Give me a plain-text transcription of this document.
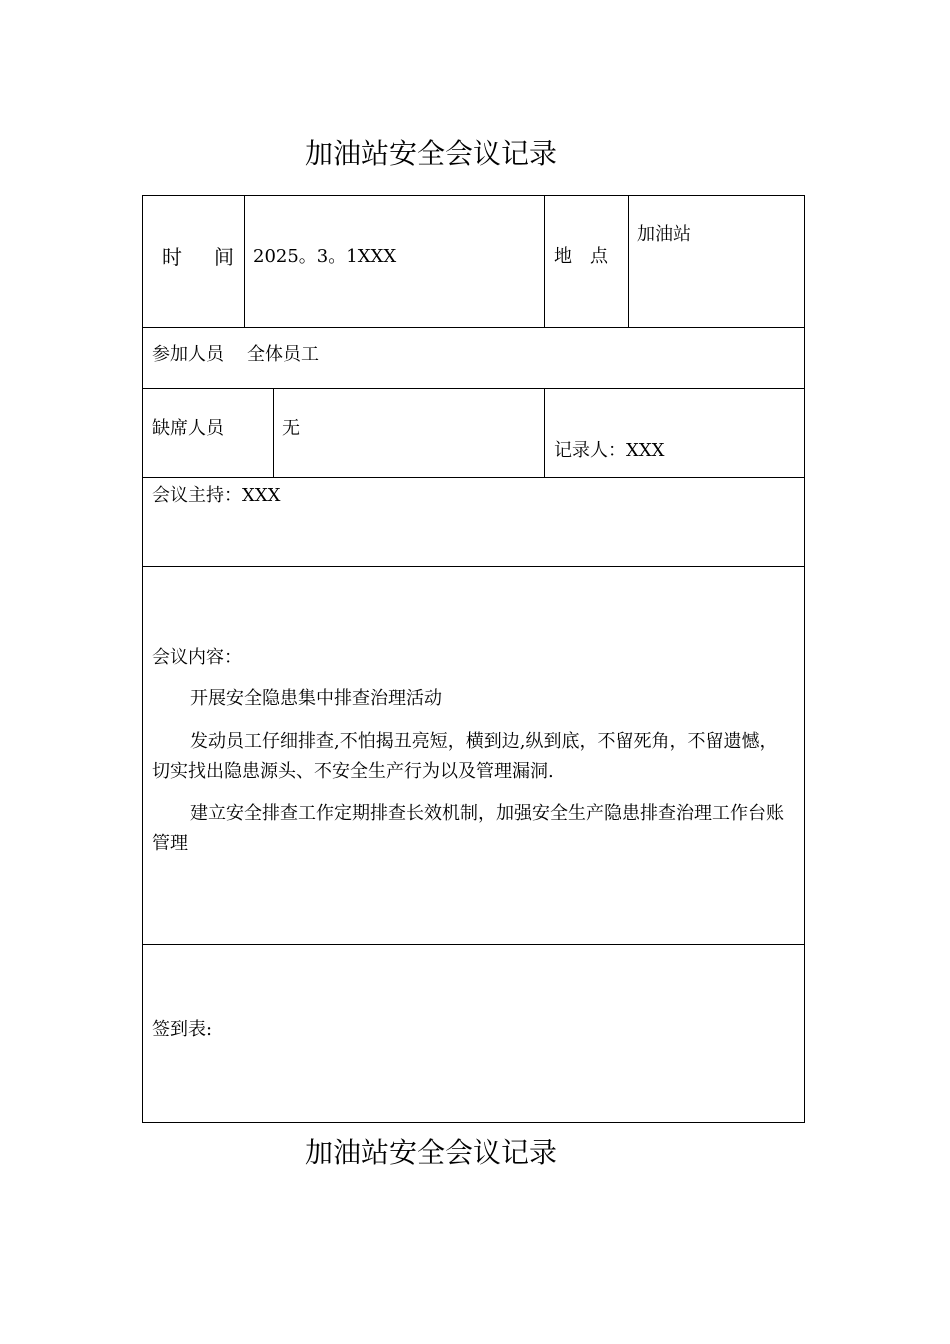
加油站安全会议记录
时　间 2025。3。1XXX	地　点
加油站
参加人员 全体员工
缺席人员	无
记录人：XXX
会议主持：XXX
会议内容：
开展安全隐患集中排查治理活动
发动员工仔细排查,不怕揭丑亮短，横到边,纵到底，不留死角，不留遗憾，切实找出隐患源头、不安全生产行为以及管理漏洞.
建立安全排查工作定期排查长效机制，加强安全生产隐患排查治理工作台账管理
签到表:
加油站安全会议记录
